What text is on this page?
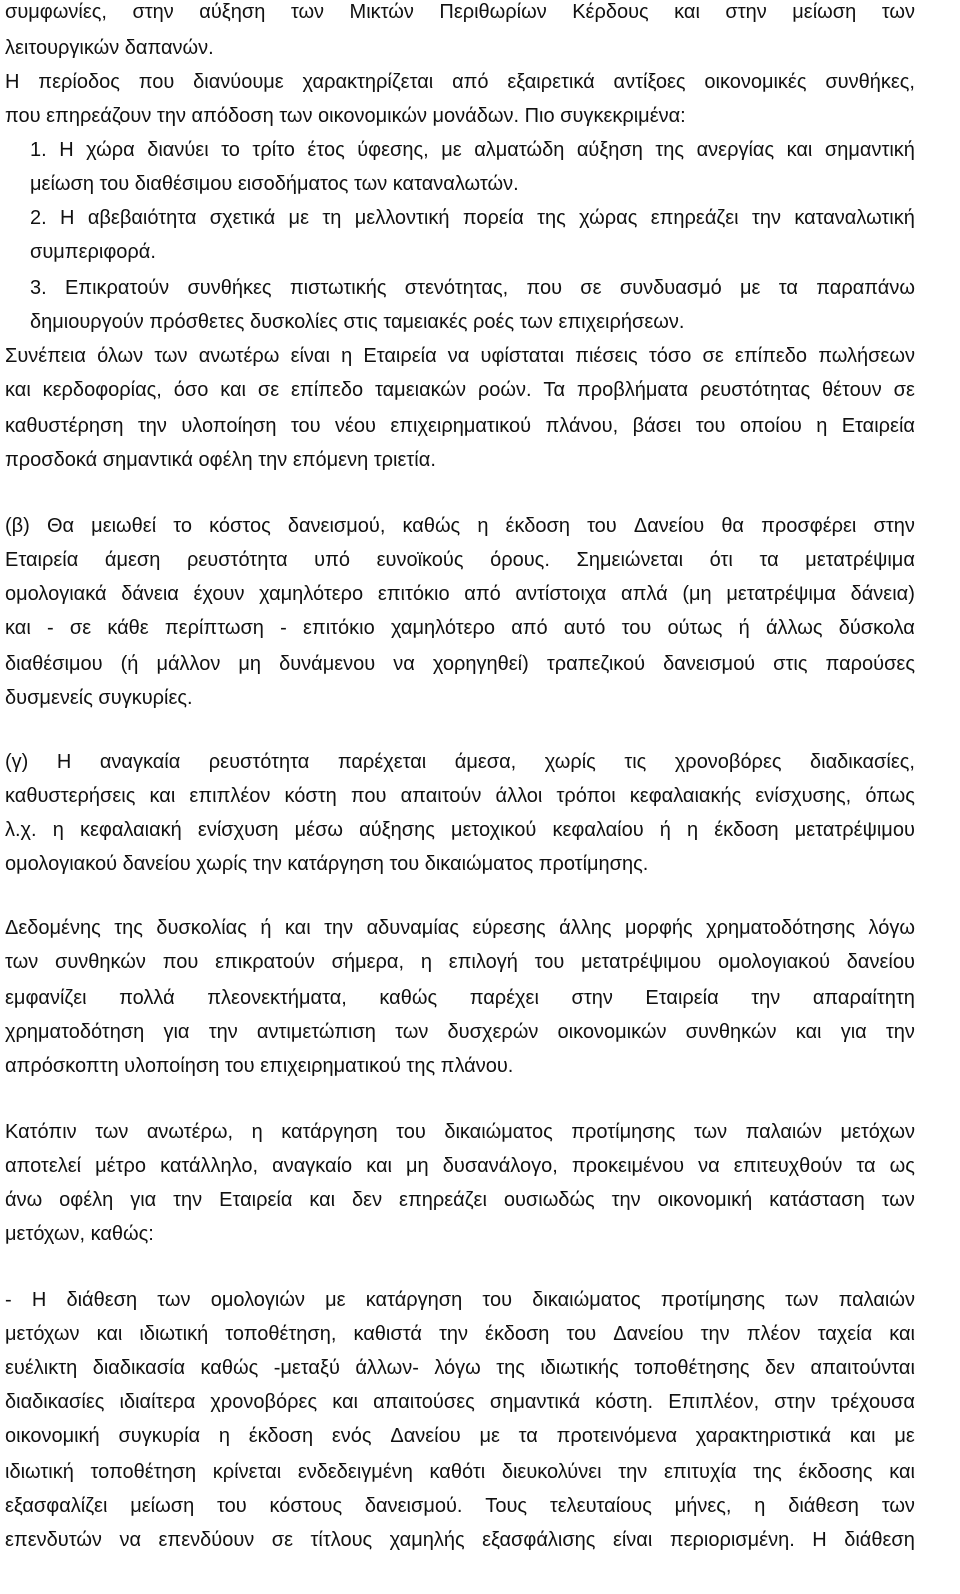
συμφωνίες, στην αύξηση των Μικτών Περιθωρίων Κέρδους και στην μείωση των
λειτουργικών δαπανών.
Η περίοδος που διανύουμε χαρακτηρίζεται από εξαιρετικά αντίξοες οικονομικές συνθήκες,
που επηρεάζουν την απόδοση των οικονομικών μονάδων. Πιο συγκεκριμένα:
1. Η χώρα διανύει το τρίτο έτος ύφεσης, με αλματώδη αύξηση της ανεργίας και σημαντική
μείωση του διαθέσιμου εισοδήματος των καταναλωτών.
2. Η αβεβαιότητα σχετικά με τη μελλοντική πορεία της χώρας επηρεάζει την καταναλωτική
συμπεριφορά.
3. Επικρατούν συνθήκες πιστωτικής στενότητας, που σε συνδυασμό με τα παραπάνω
δημιουργούν πρόσθετες δυσκολίες στις ταμειακές ροές των επιχειρήσεων.
Συνέπεια όλων των ανωτέρω είναι η Εταιρεία να υφίσταται πιέσεις τόσο σε επίπεδο πωλήσεων
και κερδοφορίας, όσο και σε επίπεδο ταμειακών ροών. Τα προβλήματα ρευστότητας θέτουν σε
καθυστέρηση την υλοποίηση του νέου επιχειρηματικού πλάνου, βάσει του οποίου η Εταιρεία
προσδοκά σημαντικά οφέλη την επόμενη τριετία.
(β) Θα μειωθεί το κόστος δανεισμού, καθώς η έκδοση του Δανείου θα προσφέρει στην
Εταιρεία άμεση ρευστότητα υπό ευνοϊκούς όρους. Σημειώνεται ότι τα μετατρέψιμα
ομολογιακά δάνεια έχουν χαμηλότερο επιτόκιο από αντίστοιχα απλά (μη μετατρέψιμα δάνεια)
και - σε κάθε περίπτωση - επιτόκιο χαμηλότερο από αυτό του ούτως ή άλλως δύσκολα
διαθέσιμου (ή μάλλον μη δυνάμενου να χορηγηθεί) τραπεζικού δανεισμού στις παρούσες
δυσμενείς συγκυρίες.
(γ) Η αναγκαία ρευστότητα παρέχεται άμεσα, χωρίς τις χρονοβόρες διαδικασίες,
καθυστερήσεις και επιπλέον κόστη που απαιτούν άλλοι τρόποι κεφαλαιακής ενίσχυσης, όπως
λ.χ. η κεφαλαιακή ενίσχυση μέσω αύξησης μετοχικού κεφαλαίου ή η έκδοση μετατρέψιμου
ομολογιακού δανείου χωρίς την κατάργηση του δικαιώματος προτίμησης.
Δεδομένης της δυσκολίας ή και την αδυναμίας εύρεσης άλλης μορφής χρηματοδότησης λόγω
των συνθηκών που επικρατούν σήμερα, η επιλογή του μετατρέψιμου ομολογιακού δανείου
εμφανίζει πολλά πλεονεκτήματα, καθώς παρέχει στην Εταιρεία την απαραίτητη
χρηματοδότηση για την αντιμετώπιση των δυσχερών οικονομικών συνθηκών και για την
απρόσκοπτη υλοποίηση του επιχειρηματικού της πλάνου.
Κατόπιν των ανωτέρω, η κατάργηση του δικαιώματος προτίμησης των παλαιών μετόχων
αποτελεί μέτρο κατάλληλο, αναγκαίο και μη δυσανάλογο, προκειμένου να επιτευχθούν τα ως
άνω οφέλη για την Εταιρεία και δεν επηρεάζει ουσιωδώς την οικονομική κατάσταση των
μετόχων, καθώς:
- Η διάθεση των ομολογιών με κατάργηση του δικαιώματος προτίμησης των παλαιών
μετόχων και ιδιωτική τοποθέτηση, καθιστά την έκδοση του Δανείου την πλέον ταχεία και
ευέλικτη διαδικασία καθώς -μεταξύ άλλων- λόγω της ιδιωτικής τοποθέτησης δεν απαιτούνται
διαδικασίες ιδιαίτερα χρονοβόρες και απαιτούσες σημαντικά κόστη. Επιπλέον, στην τρέχουσα
οικονομική συγκυρία η έκδοση ενός Δανείου με τα προτεινόμενα χαρακτηριστικά και με
ιδιωτική τοποθέτηση κρίνεται ενδεδειγμένη καθότι διευκολύνει την επιτυχία της έκδοσης και
εξασφαλίζει μείωση του κόστους δανεισμού. Τους τελευταίους μήνες, η διάθεση των
επενδυτών να επενδύουν σε τίτλους χαμηλής εξασφάλισης είναι περιορισμένη. Η διάθεση
